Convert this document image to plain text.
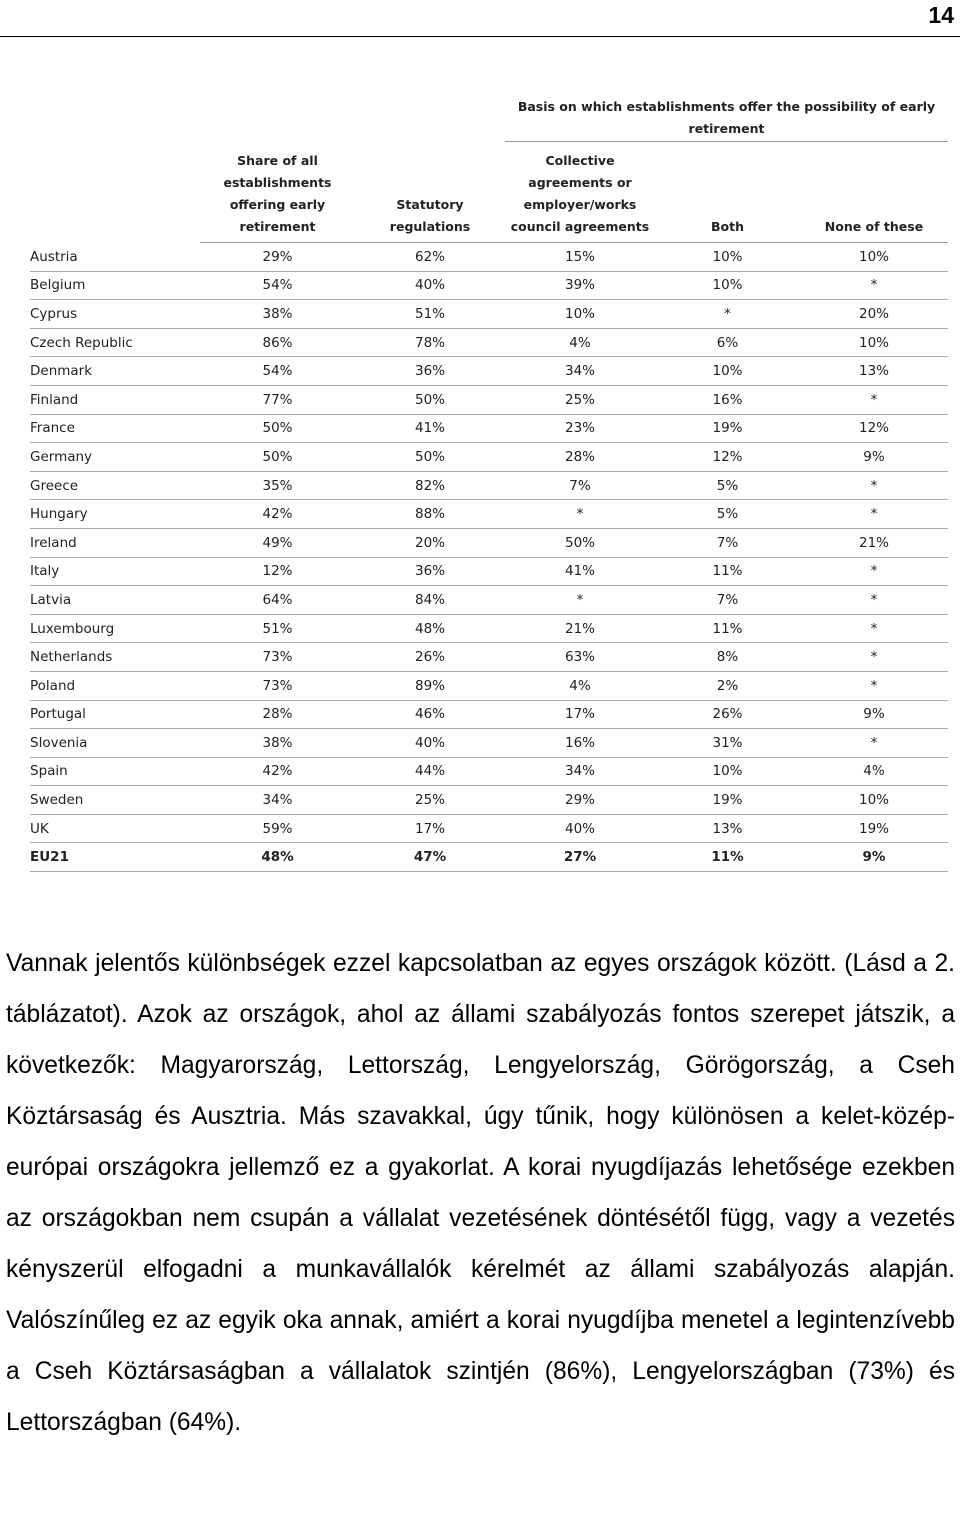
14
			Basis on which establishments offer the possibility of early retirement		
	Share of all establishments offering early retirement	Statutory regulations	Collective agreements or employer/works council agreements	Both	None of these
Austria	29%	62%	15%	10%	10%
Belgium	54%	40%	39%	10%	*
Cyprus	38%	51%	10%	*	20%
Czech Republic	86%	78%	4%	6%	10%
Denmark	54%	36%	34%	10%	13%
Finland	77%	50%	25%	16%	*
France	50%	41%	23%	19%	12%
Germany	50%	50%	28%	12%	9%
Greece	35%	82%	7%	5%	*
Hungary	42%	88%	*	5%	*
Ireland	49%	20%	50%	7%	21%
Italy	12%	36%	41%	11%	*
Latvia	64%	84%	*	7%	*
Luxembourg	51%	48%	21%	11%	*
Netherlands	73%	26%	63%	8%	*
Poland	73%	89%	4%	2%	*
Portugal	28%	46%	17%	26%	9%
Slovenia	38%	40%	16%	31%	*
Spain	42%	44%	34%	10%	4%
Sweden	34%	25%	29%	19%	10%
UK	59%	17%	40%	13%	19%
EU21	48%	47%	27%	11%	9%

Vannak jelentős különbségek ezzel kapcsolatban az egyes országok között. (Lásd a 2. táblázatot). Azok az országok, ahol az állami szabályozás fontos szerepet játszik, a következők: Magyarország, Lettország, Lengyelország, Görögország, a Cseh Köztársaság és Ausztria. Más szavakkal, úgy tűnik, hogy különösen a kelet-közép-európai országokra jellemző ez a gyakorlat. A korai nyugdíjazás lehetősége ezekben az országokban nem csupán a vállalat vezetésének döntésétől függ, vagy a vezetés kényszerül elfogadni a munkavállalók kérelmét az állami szabályozás alapján. Valószínűleg ez az egyik oka annak, amiért a korai nyugdíjba menetel a legintenzívebb a Cseh Köztársaságban a vállalatok szintjén (86%), Lengyelországban (73%) és Lettországban (64%).
